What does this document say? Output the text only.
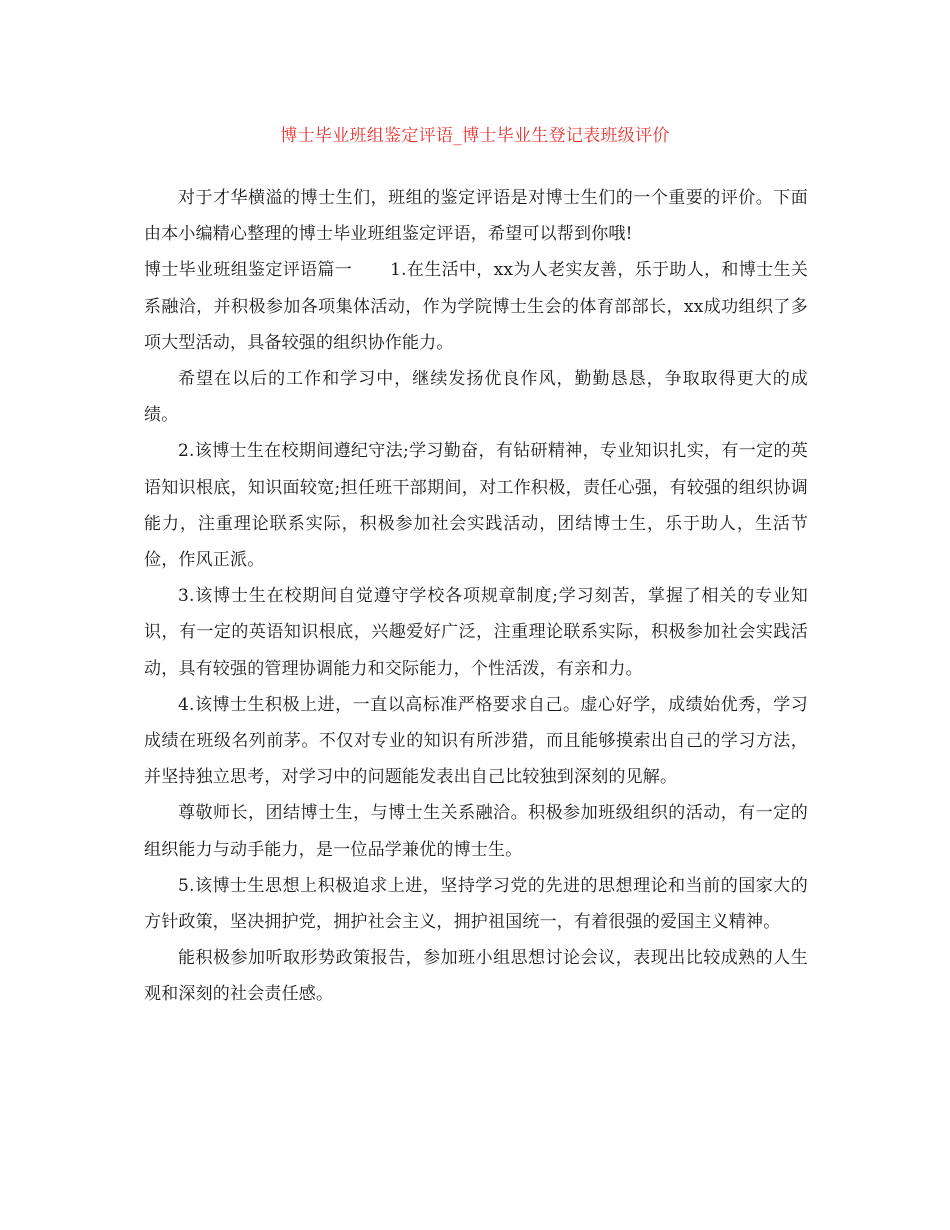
博士毕业班组鉴定评语_博士毕业生登记表班级评价

对于才华横溢的博士生们，班组的鉴定评语是对博士生们的一个重要的评价。下面由本小编精心整理的博士毕业班组鉴定评语，希望可以帮到你哦!

博士毕业班组鉴定评语篇一 1.在生活中，xx为人老实友善，乐于助人，和博士生关系融洽，并积极参加各项集体活动，作为学院博士生会的体育部部长，xx成功组织了多项大型活动，具备较强的组织协作能力。

希望在以后的工作和学习中，继续发扬优良作风，勤勤恳恳，争取取得更大的成绩。

2.该博士生在校期间遵纪守法;学习勤奋，有钻研精神，专业知识扎实，有一定的英语知识根底，知识面较宽;担任班干部期间，对工作积极，责任心强，有较强的组织协调能力，注重理论联系实际，积极参加社会实践活动，团结博士生，乐于助人，生活节俭，作风正派。

3.该博士生在校期间自觉遵守学校各项规章制度;学习刻苦，掌握了相关的专业知识，有一定的英语知识根底，兴趣爱好广泛，注重理论联系实际，积极参加社会实践活动，具有较强的管理协调能力和交际能力，个性活泼，有亲和力。

4.该博士生积极上进，一直以高标准严格要求自己。虚心好学，成绩始优秀，学习成绩在班级名列前茅。不仅对专业的知识有所涉猎，而且能够摸索出自己的学习方法，并坚持独立思考，对学习中的问题能发表出自己比较独到深刻的见解。

尊敬师长，团结博士生，与博士生关系融洽。积极参加班级组织的活动，有一定的组织能力与动手能力，是一位品学兼优的博士生。

5.该博士生思想上积极追求上进，坚持学习党的先进的思想理论和当前的国家大的方针政策，坚决拥护党，拥护社会主义，拥护祖国统一，有着很强的爱国主义精神。

能积极参加听取形势政策报告，参加班小组思想讨论会议，表现出比较成熟的人生观和深刻的社会责任感。
